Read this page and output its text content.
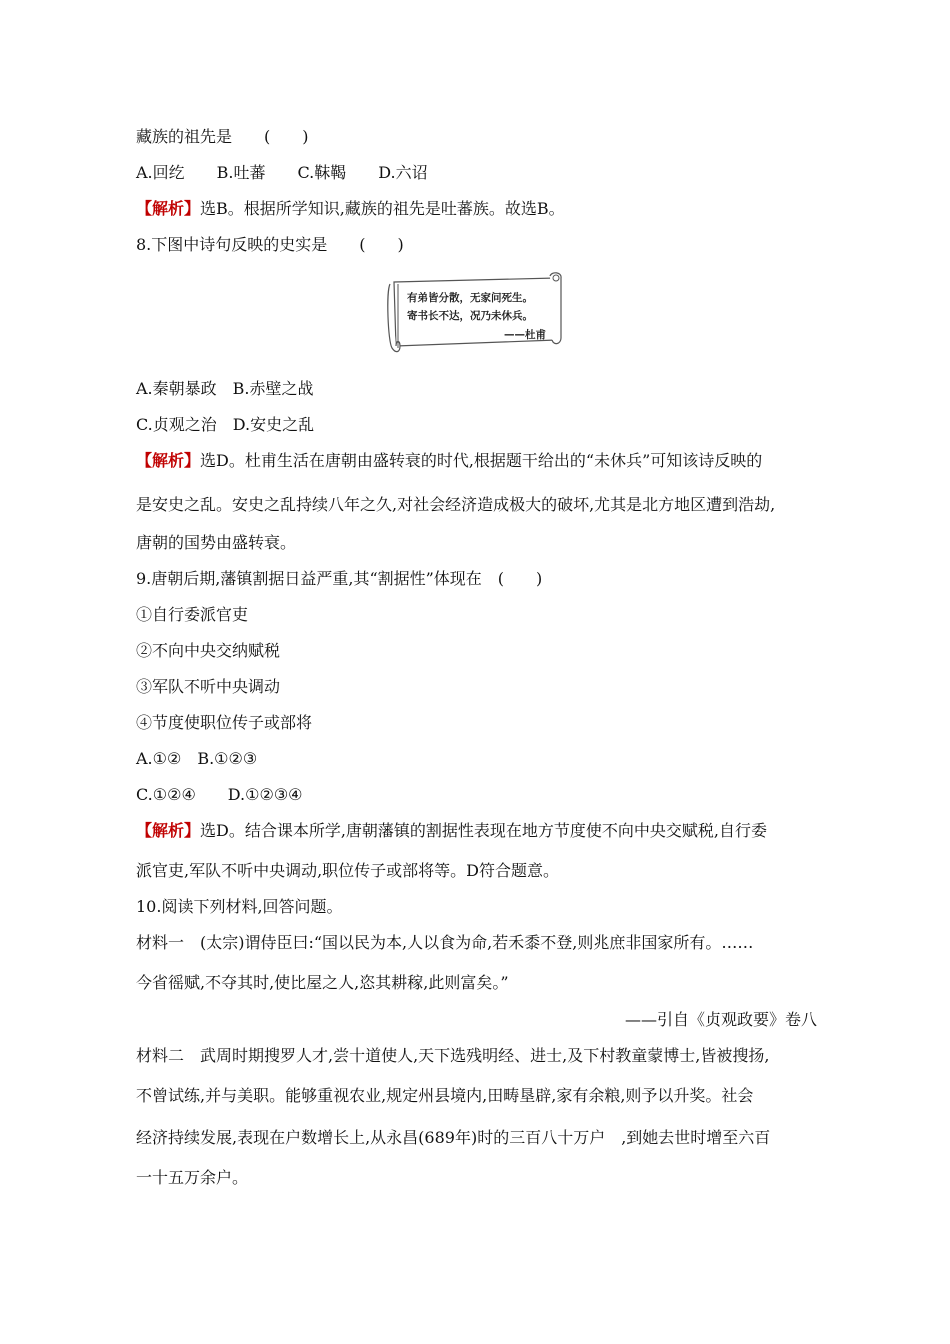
藏族的祖先是　　(　　)
A.回纥　　B.吐蕃　　C.靺鞨　　D.六诏
【解析】选B。根据所学知识,藏族的祖先是吐蕃族。故选B。
8.下图中诗句反映的史实是　　(　　)
有弟皆分散，无家问死生。
寄书长不达，况乃未休兵。
——杜甫
A.秦朝暴政　B.赤壁之战
C.贞观之治　D.安史之乱
【解析】选D。杜甫生活在唐朝由盛转衰的时代,根据题干给出的“未休兵”可知该诗反映的
是安史之乱。安史之乱持续八年之久,对社会经济造成极大的破坏,尤其是北方地区遭到浩劫,
唐朝的国势由盛转衰。
9.唐朝后期,藩镇割据日益严重,其“割据性”体现在　(　　)
①自行委派官吏
②不向中央交纳赋税
③军队不听中央调动
④节度使职位传子或部将
A.①②　B.①②③
C.①②④　　D.①②③④
【解析】选D。结合课本所学,唐朝藩镇的割据性表现在地方节度使不向中央交赋税,自行委
派官吏,军队不听中央调动,职位传子或部将等。D符合题意。
10.阅读下列材料,回答问题。
材料一　(太宗)谓侍臣曰:“国以民为本,人以食为命,若禾黍不登,则兆庶非国家所有。……
今省徭赋,不夺其时,使比屋之人,恣其耕稼,此则富矣。”
——引自《贞观政要》卷八
材料二　武周时期搜罗人才,尝十道使人,天下选残明经、进士,及下村教童蒙博士,皆被搜扬,
不曾试练,并与美职。能够重视农业,规定州县境内,田畴垦辟,家有余粮,则予以升奖。社会
经济持续发展,表现在户数增长上,从永昌(689年)时的三百八十万户　,到她去世时增至六百
一十五万余户。
